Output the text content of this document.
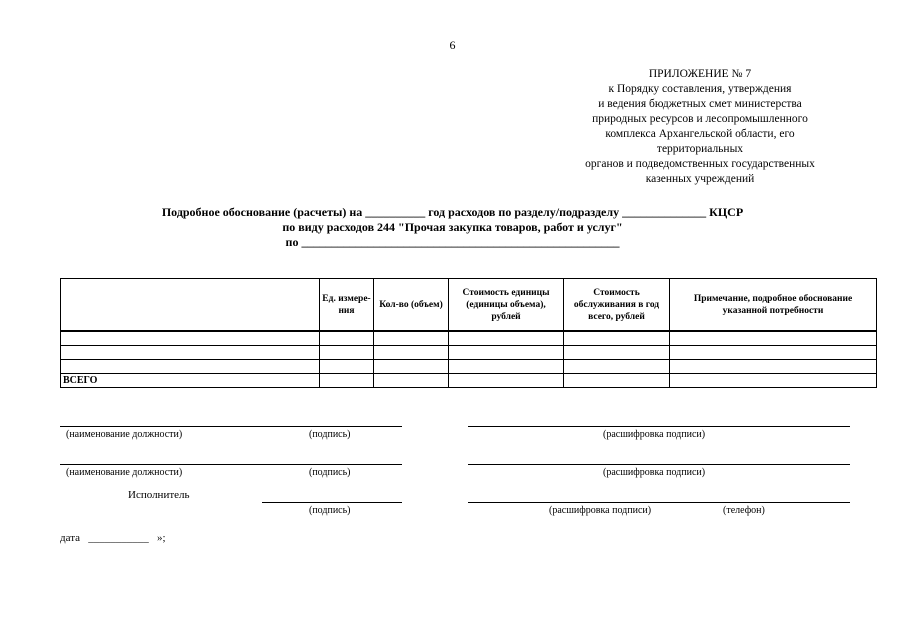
6
ПРИЛОЖЕНИЕ № 7
к Порядку составления, утверждения
и ведения бюджетных смет министерства
природных ресурсов и лесопромышленного
комплекса Архангельской области, его
территориальных
органов и подведомственных государственных
казенных учреждений
Подробное обоснование (расчеты) на __________ год расходов по разделу/подразделу ______________ КЦСР
по виду расходов 244 "Прочая закупка товаров, работ и услуг"
по _____________________________________________________
	Ед. измере-ния	Кол-во (объем)	Стоимость единицы (единицы объема), рублей	Стоимость обслуживания в год всего, рублей	Примечание, подробное обоснование указанной потребности

ВСЕГО					
(наименование должности)	(подпись)	(расшифровка подписи)
(наименование должности)	(подпись)	(расшифровка подписи)
Исполнитель
(подпись)	(расшифровка подписи)	(телефон)
дата ___________ »;
